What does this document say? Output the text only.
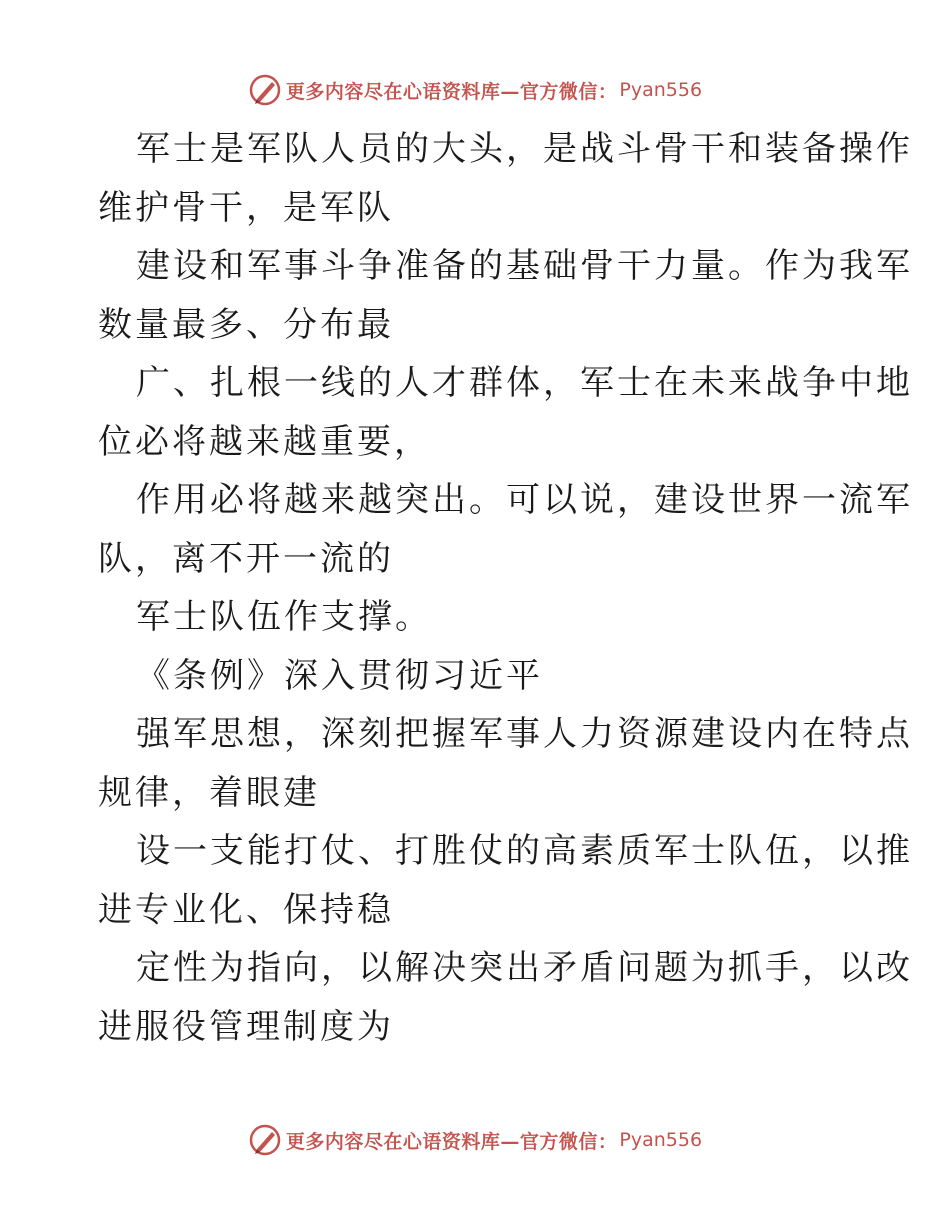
更多内容尽在心语资料库—官方微信： Pyan556

军士是军队人员的大头，是战斗骨干和装备操作

维护骨干，是军队

建设和军事斗争准备的基础骨干力量。作为我军

数量最多、分布最

广、扎根一线的人才群体，军士在未来战争中地

位必将越来越重要，

作用必将越来越突出。可以说，建设世界一流军

队，离不开一流的

军士队伍作支撑。

《条例》深入贯彻习近平

强军思想，深刻把握军事人力资源建设内在特点

规律，着眼建

设一支能打仗、打胜仗的高素质军士队伍，以推

进专业化、保持稳

定性为指向，以解决突出矛盾问题为抓手，以改

进服役管理制度为

更多内容尽在心语资料库—官方微信： Pyan556
